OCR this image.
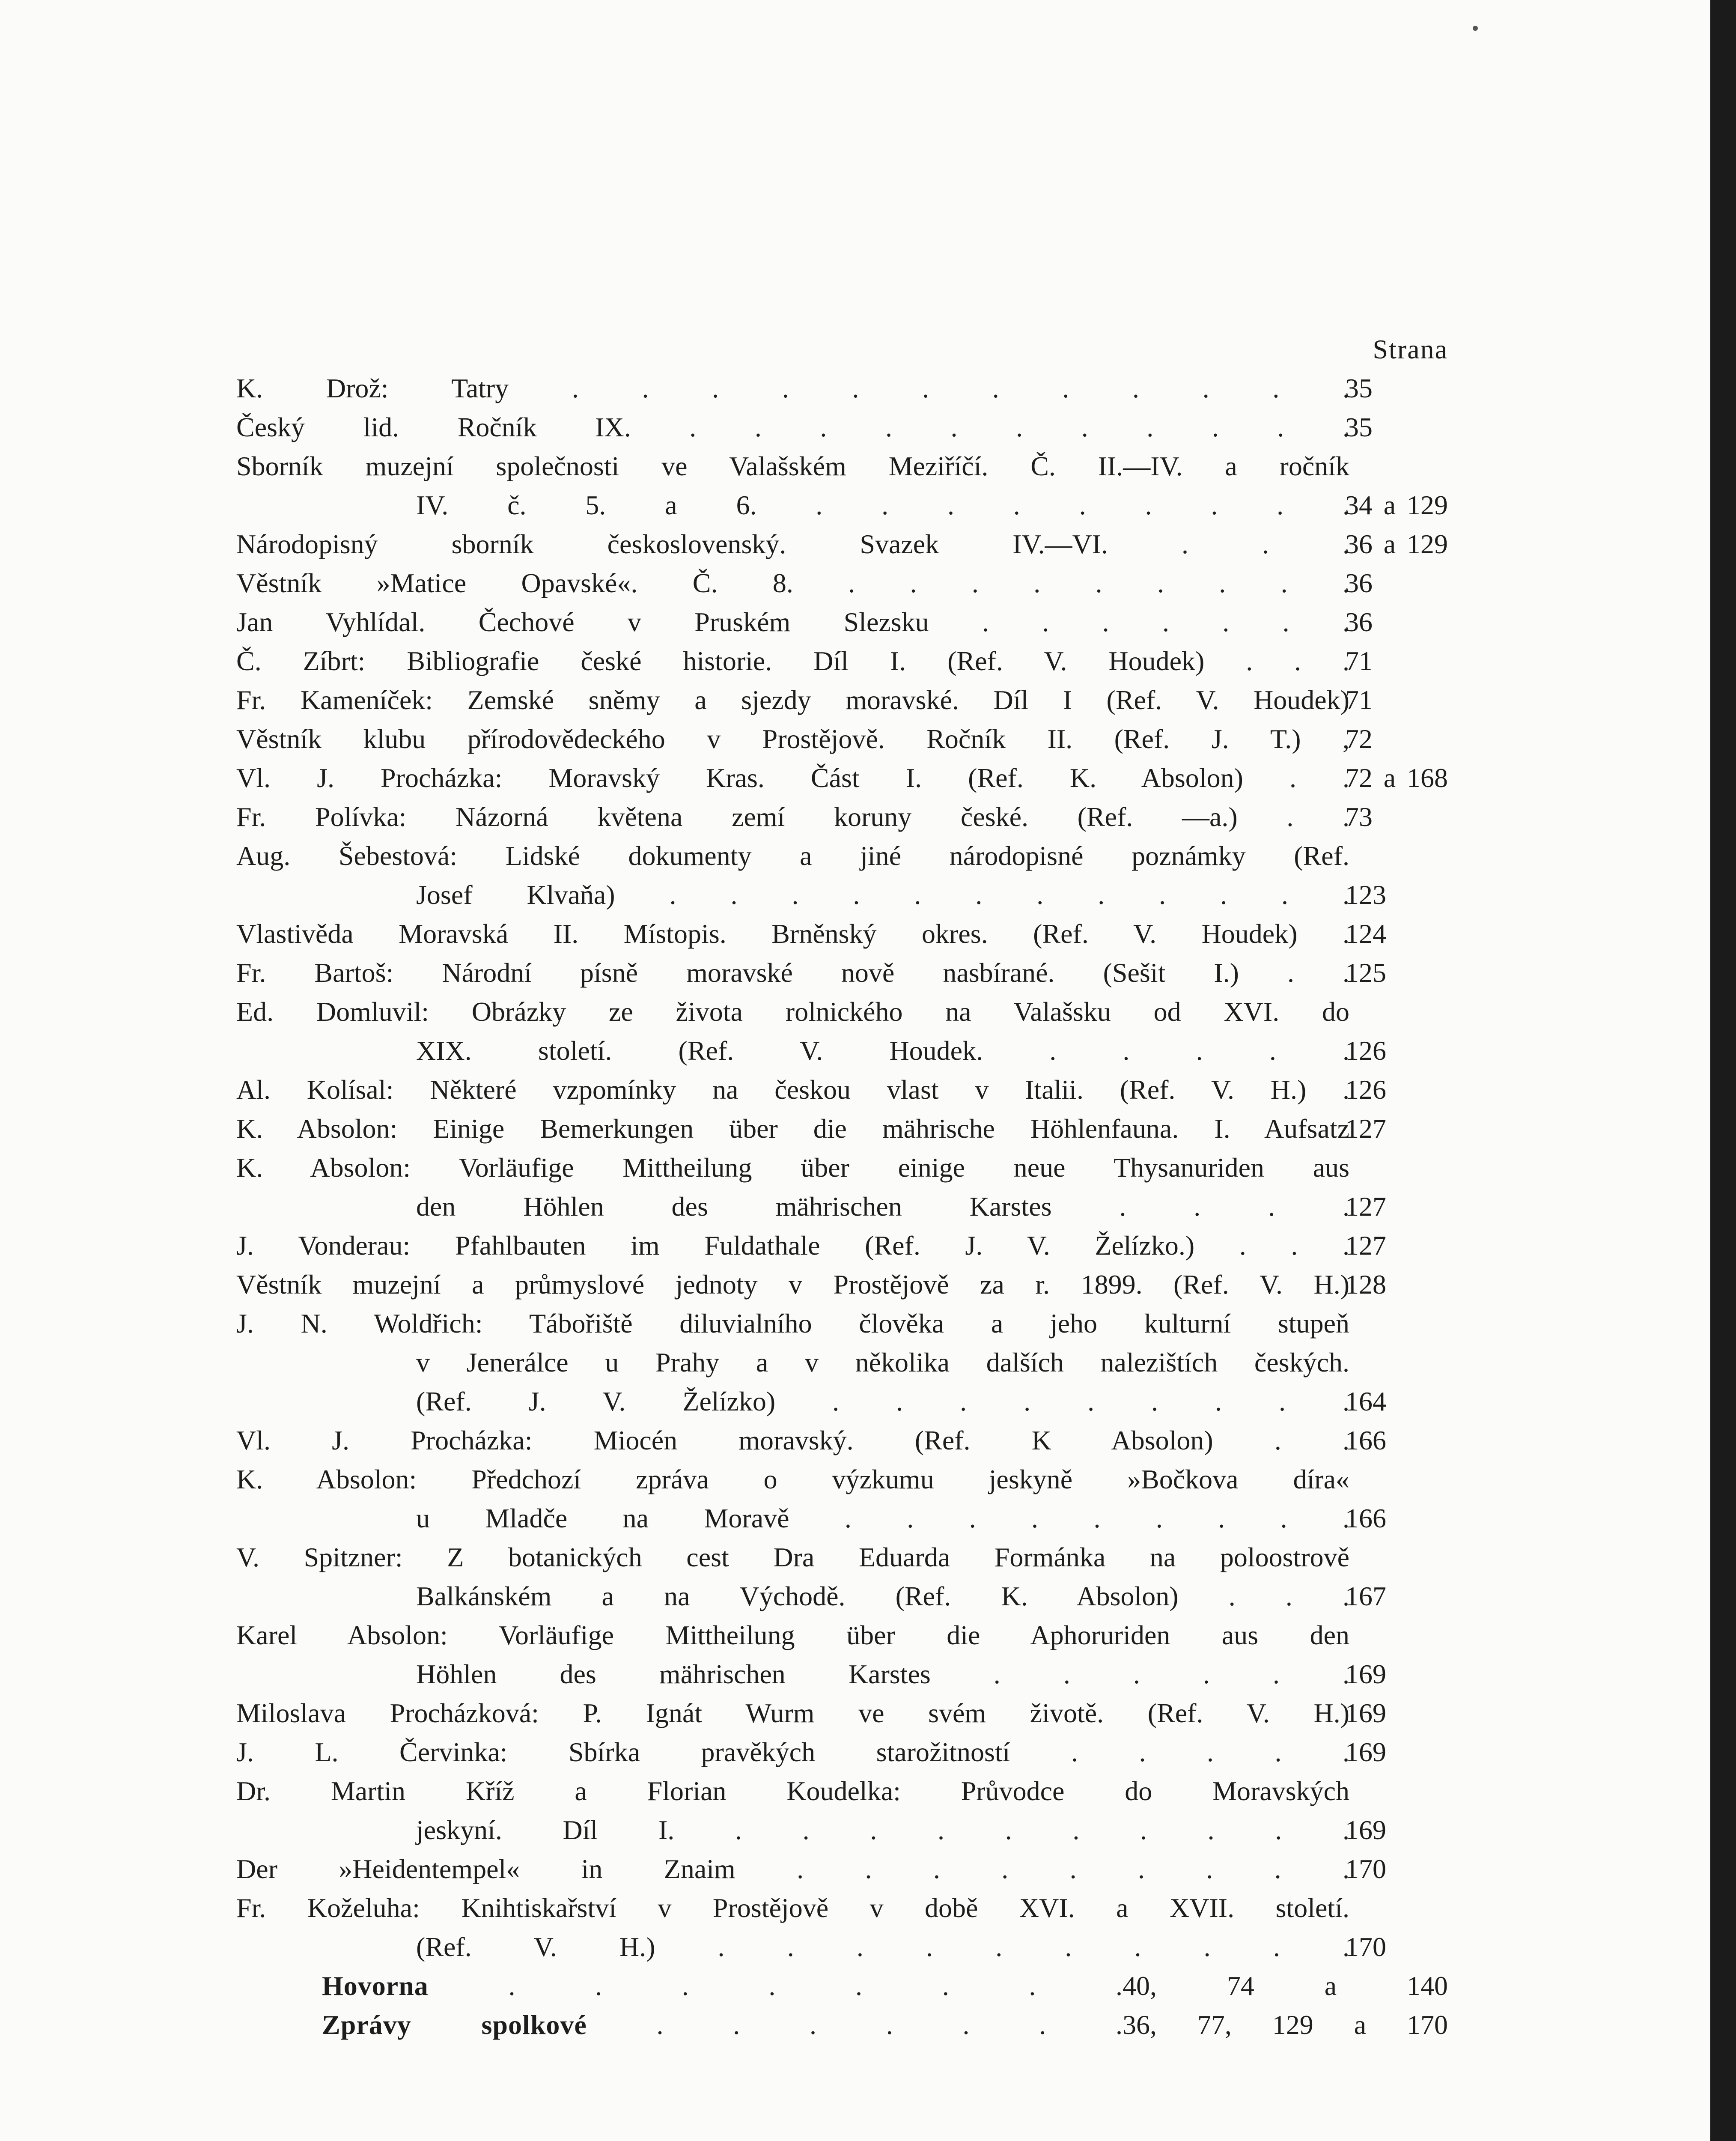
Strana
K. Drož: Tatry . . . . . . . . . . . .
35
Český lid. Ročník IX. . . . . . . . . . . .
35
Sborník muzejní společnosti ve Valašském Meziříčí. Č. II.—IV. a ročník
IV. č. 5. a 6. . . . . . . . . .
34 a 129
Národopisný sborník československý. Svazek IV.—VI. . . .
36 a 129
Věstník »Matice Opavské«. Č. 8. . . . . . . . . .
36
Jan Vyhlídal. Čechové v Pruském Slezsku . . . . . . .
36
Č. Zíbrt: Bibliografie české historie. Díl I. (Ref. V. Houdek) . . .
71
Fr. Kameníček: Zemské sněmy a sjezdy moravské. Díl I (Ref. V. Houdek)
71
Věstník klubu přírodovědeckého v Prostějově. Ročník II. (Ref. J. T.) ,
72
Vl. J. Procházka: Moravský Kras. Část I. (Ref. K. Absolon) . .
72 a 168
Fr. Polívka: Názorná květena zemí koruny české. (Ref. —a.) . .
73
Aug. Šebestová: Lidské dokumenty a jiné národopisné poznámky (Ref.
Josef Klvaňa) . . . . . . . . . . . .
123
Vlastivěda Moravská II. Místopis. Brněnský okres. (Ref. V. Houdek) .
124
Fr. Bartoš: Národní písně moravské nově nasbírané. (Sešit I.) . .
125
Ed. Domluvil: Obrázky ze života rolnického na Valašsku od XVI. do
XIX. století. (Ref. V. Houdek. . . . . .
126
Al. Kolísal: Některé vzpomínky na českou vlast v Italii. (Ref. V. H.) .
126
K. Absolon: Einige Bemerkungen über die mährische Höhlenfauna. I. Aufsatz
127
K. Absolon: Vorläufige Mittheilung über einige neue Thysanuriden aus
den Höhlen des mährischen Karstes . . . .
127
J. Vonderau: Pfahlbauten im Fuldathale (Ref. J. V. Želízko.) . . .
127
Věstník muzejní a průmyslové jednoty v Prostějově za r. 1899. (Ref. V. H.)
128
J. N. Woldřich: Tábořiště diluvialního člověka a jeho kulturní stupeň
v Jenerálce u Prahy a v několika dalších nalezištích českých.
(Ref. J. V. Želízko) . . . . . . . . .
164
Vl. J. Procházka: Miocén moravský. (Ref. K Absolon) . .
166
K. Absolon: Předchozí zpráva o výzkumu jeskyně »Bočkova díra«
u Mladče na Moravě . . . . . . . . .
166
V. Spitzner: Z botanických cest Dra Eduarda Formánka na poloostrově
Balkánském a na Východě. (Ref. K. Absolon) . . .
167
Karel Absolon: Vorläufige Mittheilung über die Aphoruriden aus den
Höhlen des mährischen Karstes . . . . . .
169
Miloslava Procházková: P. Ignát Wurm ve svém životě. (Ref. V. H.)
169
J. L. Červinka: Sbírka pravěkých starožitností . . . . .
169
Dr. Martin Kříž a Florian Koudelka: Průvodce do Moravských
jeskyní. Díl I. . . . . . . . . . .
169
Der »Heidentempel« in Znaim . . . . . . . . .
170
Fr. Koželuha: Knihtiskařství v Prostějově v době XVI. a XVII. století.
(Ref. V. H.) . . . . . . . . . .
170
Hovorna	. . . . . . . . 40, 74 a 140
Zprávy spolkové	. . . . . . . 36, 77, 129 a 170
